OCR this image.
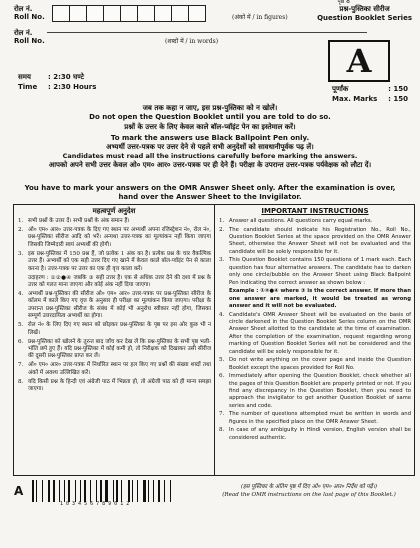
पृष्ठ 8
रोल नं.
Roll No.	(अंकों में / in figures)
रोल नं.
Roll No.	(शब्दों में / in words)
प्रश्न-पुस्तिका सीरीज
Question Booklet Series
A
समय : 2:30 घण्टे
Time : 2:30 Hours	पूर्णांक	: 150
Max. Marks : 150
जब तक कहा न जाए, इस प्रश्न-पुस्तिका को न खोलें।
Do not open the Question Booklet until you are told to do so.
प्रश्नों के उत्तर के लिए केवल काले बॉल-प्वॉइंट पेन का इस्तेमाल करें।
To mark the answers use Black Ballpoint Pen only.
अभ्यर्थी उत्तर-पत्रक पर उत्तर देने से पहले सभी अनुदेशों को सावधानीपूर्वक पढ़ लें।
Candidates must read all the instructions carefully before marking the answers.
आपको अपने सभी उत्तर केवल ओ० एम० आर० उत्तर-पत्रक पर ही देने हैं। परीक्षा के उपरान्त उत्तर-पत्रक पर्यवेक्षक को लौटा दें।
You have to mark your answers on the OMR Answer Sheet only. After the examination is over, hand over the Answer Sheet to the Invigilator.
महत्वपूर्ण अनुदेश	IMPORTANT INSTRUCTIONS
1. सभी प्रश्नों के उत्तर दें। सभी प्रश्नों के अंक समान हैं।
2. ओ० एम० आर० उत्तर-पत्रक के दिए गए स्थान पर अभ्यर्थी अपना रजिस्ट्रेशन नं०, रोल नं०, प्रश्न-पुस्तिका सीरीज आदि को भरें। अन्यथा उत्तर-पत्रक का मूल्यांकन नहीं किया जाएगा जिसकी जिम्मेदारी स्वयं अभ्यर्थी की होगी।
3. इस प्रश्न-पुस्तिका में 150 प्रश्न हैं, जो प्रत्येक 1 अंक का है। प्रत्येक प्रश्न के चार वैकल्पिक उत्तर हैं। अभ्यर्थी को एक सही उत्तर दिए गए खाने में केवल काले बॉल-प्वॉइंट पेन से काला करना है। उत्तर-पत्रक पर उत्तर का एक ही वृत्त काला करें।
उदाहरण : ①②●④ जबकि ③ सही उत्तर है। एक से अधिक उत्तर देने की दशा में प्रश्न के उत्तर को गलत माना जाएगा और कोई अंक नहीं दिया जाएगा।
4. अभ्यर्थी प्रश्न-पुस्तिका की सीरीज ओ० एम० आर० उत्तर-पत्रक पर प्रश्न-पुस्तिका सीरीज के कॉलम में काले किए गए वृत्त के अनुसार ही परीक्षा का मूल्यांकन किया जाएगा। परीक्षा के उपरान्त प्रश्न-पुस्तिका सीरीज के संबंध में कोई भी अनुरोध स्वीकार नहीं होगा, जिसका सम्पूर्ण उत्तरदायित्व अभ्यर्थी का होगा।
5. रोल नं० के लिए दिए गए स्थान को छोड़कर प्रश्न-पुस्तिका के पृष्ठ पर इस ओर कुछ भी न लिखें।
6. प्रश्न-पुस्तिका को खोलने के तुरन्त बाद जाँच कर देख लें कि प्रश्न-पुस्तिका के सभी पृष्ठ भली-भाँति छपे हुए हैं। यदि प्रश्न-पुस्तिका में कोई कमी हो, तो निरीक्षक को दिखाकर उसी सीरीज की दूसरी प्रश्न-पुस्तिका प्राप्त कर लें।
7. ओ० एम० आर० उत्तर-पत्रक में निर्धारित स्थान पर हल किए गए प्रश्नों की संख्या शब्दों तथा अंकों में अवश्य उल्लिखित करें।
8. यदि किसी प्रश्न के हिन्दी एवं अंग्रेजी पाठ में भिन्नता हो, तो अंग्रेजी पाठ को ही मान्य समझा जाएगा।
1. Answer all questions. All questions carry equal marks.
2. The candidate should indicate his Registration No., Roll No., Question Booklet Series at the space provided on the OMR Answer Sheet, otherwise the Answer Sheet will not be evaluated and the candidate will be solely responsible for it.
3. This Question Booklet contains 150 questions of 1 mark each. Each question has four alternative answers. The candidate has to darken only one circle/bubble on the Answer Sheet using Black Ballpoint Pen indicating the correct answer as shown below :
Example : ①②●④ where ③ is the correct answer. If more than one answer are marked, it would be treated as wrong answer and it will not be evaluated.
4. Candidate's OMR Answer Sheet will be evaluated on the basis of circle darkened in the Question Booklet Series column on the OMR Answer Sheet allotted to the candidate at the time of examination. After the completion of the examination, request regarding wrong marking of Question Booklet Series will not be considered and the candidate will be solely responsible for it.
5. Do not write anything on the cover page and inside the Question Booklet except the spaces provided for Roll No.
6. Immediately after opening the Question Booklet, check whether all the pages of this Question Booklet are properly printed or not. If you find any discrepancy in the Question Booklet, then you need to approach the invigilator to get another Question Booklet of same series and code.
7. The number of questions attempted must be written in words and figures in the specified place on the OMR Answer Sheet.
8. In case of any ambiguity in Hindi version, English version shall be considered authentic.
A
1 0 3 4 5 6 7 8 9 0 1 2
(इस पुस्तिका के अंतिम पृष्ठ में दिए ओ० एम० आर० निर्देश को पढ़ें।)
(Read the OMR instructions on the last page of this Booklet.)
